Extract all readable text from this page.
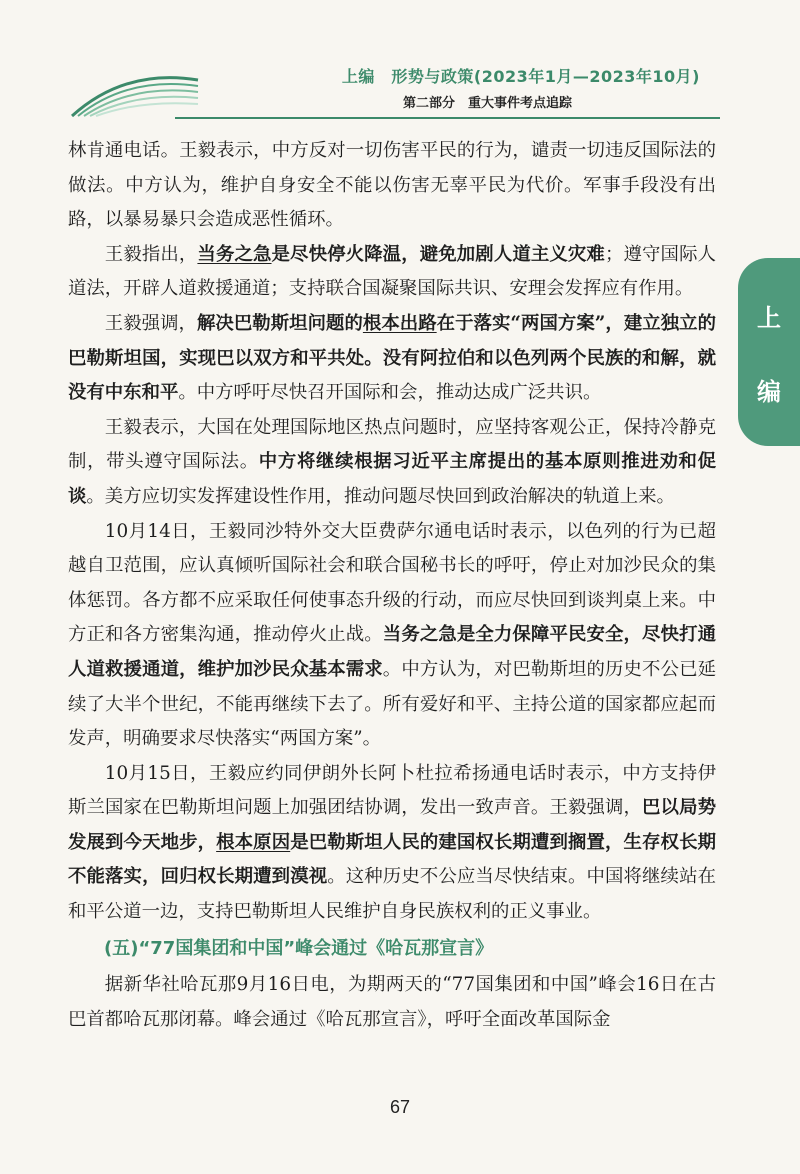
上编　形势与政策(2023年1月—2023年10月)
第二部分　重大事件考点追踪
上
编

林肯通电话。王毅表示，中方反对一切伤害平民的行为，谴责一切违反国际法的做法。中方认为，维护自身安全不能以伤害无辜平民为代价。军事手段没有出路，以暴易暴只会造成恶性循环。

王毅指出，当务之急是尽快停火降温，避免加剧人道主义灾难；遵守国际人道法，开辟人道救援通道；支持联合国凝聚国际共识、安理会发挥应有作用。

王毅强调，解决巴勒斯坦问题的根本出路在于落实“两国方案”，建立独立的巴勒斯坦国，实现巴以双方和平共处。没有阿拉伯和以色列两个民族的和解，就没有中东和平。中方呼吁尽快召开国际和会，推动达成广泛共识。

王毅表示，大国在处理国际地区热点问题时，应坚持客观公正，保持冷静克制，带头遵守国际法。中方将继续根据习近平主席提出的基本原则推进劝和促谈。美方应切实发挥建设性作用，推动问题尽快回到政治解决的轨道上来。

10月14日，王毅同沙特外交大臣费萨尔通电话时表示，以色列的行为已超越自卫范围，应认真倾听国际社会和联合国秘书长的呼吁，停止对加沙民众的集体惩罚。各方都不应采取任何使事态升级的行动，而应尽快回到谈判桌上来。中方正和各方密集沟通，推动停火止战。当务之急是全力保障平民安全，尽快打通人道救援通道，维护加沙民众基本需求。中方认为，对巴勒斯坦的历史不公已延续了大半个世纪，不能再继续下去了。所有爱好和平、主持公道的国家都应起而发声，明确要求尽快落实“两国方案”。

10月15日，王毅应约同伊朗外长阿卜杜拉希扬通电话时表示，中方支持伊斯兰国家在巴勒斯坦问题上加强团结协调，发出一致声音。王毅强调，巴以局势发展到今天地步，根本原因是巴勒斯坦人民的建国权长期遭到搁置，生存权长期不能落实，回归权长期遭到漠视。这种历史不公应当尽快结束。中国将继续站在和平公道一边，支持巴勒斯坦人民维护自身民族权利的正义事业。

(五)“77国集团和中国”峰会通过《哈瓦那宣言》

据新华社哈瓦那9月16日电，为期两天的“77国集团和中国”峰会16日在古巴首都哈瓦那闭幕。峰会通过《哈瓦那宣言》，呼吁全面改革国际金

67
